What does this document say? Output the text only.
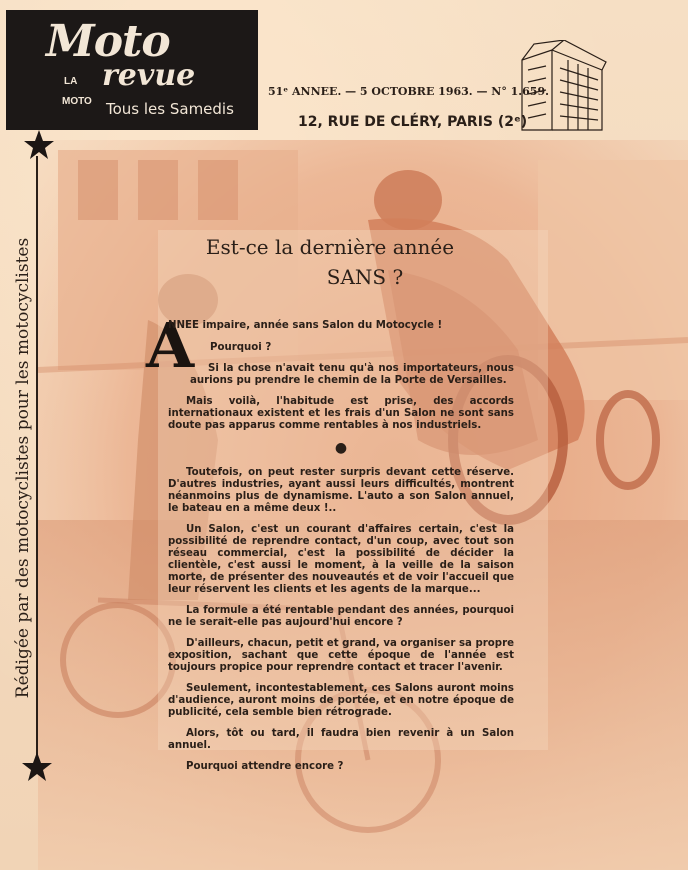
Moto
LA revue
MOTO Tous les Samedis
51ᵉ ANNEE. — 5 OCTOBRE 1963. — N° 1.659.
12, RUE DE CLÉRY, PARIS (2ᵉ)
Rédigée par des motocyclistes pour les motocyclistes	Est-ce la dernière année
SANS ?
A

NNEE impaire, année sans Salon du Motocycle !

Pourquoi ?

Si la chose n'avait tenu qu'à nos importateurs, nous aurions pu prendre le chemin de la Porte de Versailles.

Mais voilà, l'habitude est prise, des accords internationaux existent et les frais d'un Salon ne sont sans doute pas apparus comme rentables à nos industriels.

●

Toutefois, on peut rester surpris devant cette réserve. D'autres industries, ayant aussi leurs difficultés, montrent néanmoins plus de dynamisme. L'auto a son Salon annuel, le bateau en a même deux !..

Un Salon, c'est un courant d'affaires certain, c'est la possibilité de reprendre contact, d'un coup, avec tout son réseau commercial, c'est la possibilité de décider la clientèle, c'est aussi le moment, à la veille de la saison morte, de présenter des nouveautés et de voir l'accueil que leur réservent les clients et les agents de la marque...

La formule a été rentable pendant des années, pourquoi ne le serait-elle pas aujourd'hui encore ?

D'ailleurs, chacun, petit et grand, va organiser sa propre exposition, sachant que cette époque de l'année est toujours propice pour reprendre contact et tracer l'avenir.

Seulement, incontestablement, ces Salons auront moins d'audience, auront moins de portée, et en notre époque de publicité, cela semble bien rétrograde.

Alors, tôt ou tard, il faudra bien revenir à un Salon annuel.

Pourquoi attendre encore ?
